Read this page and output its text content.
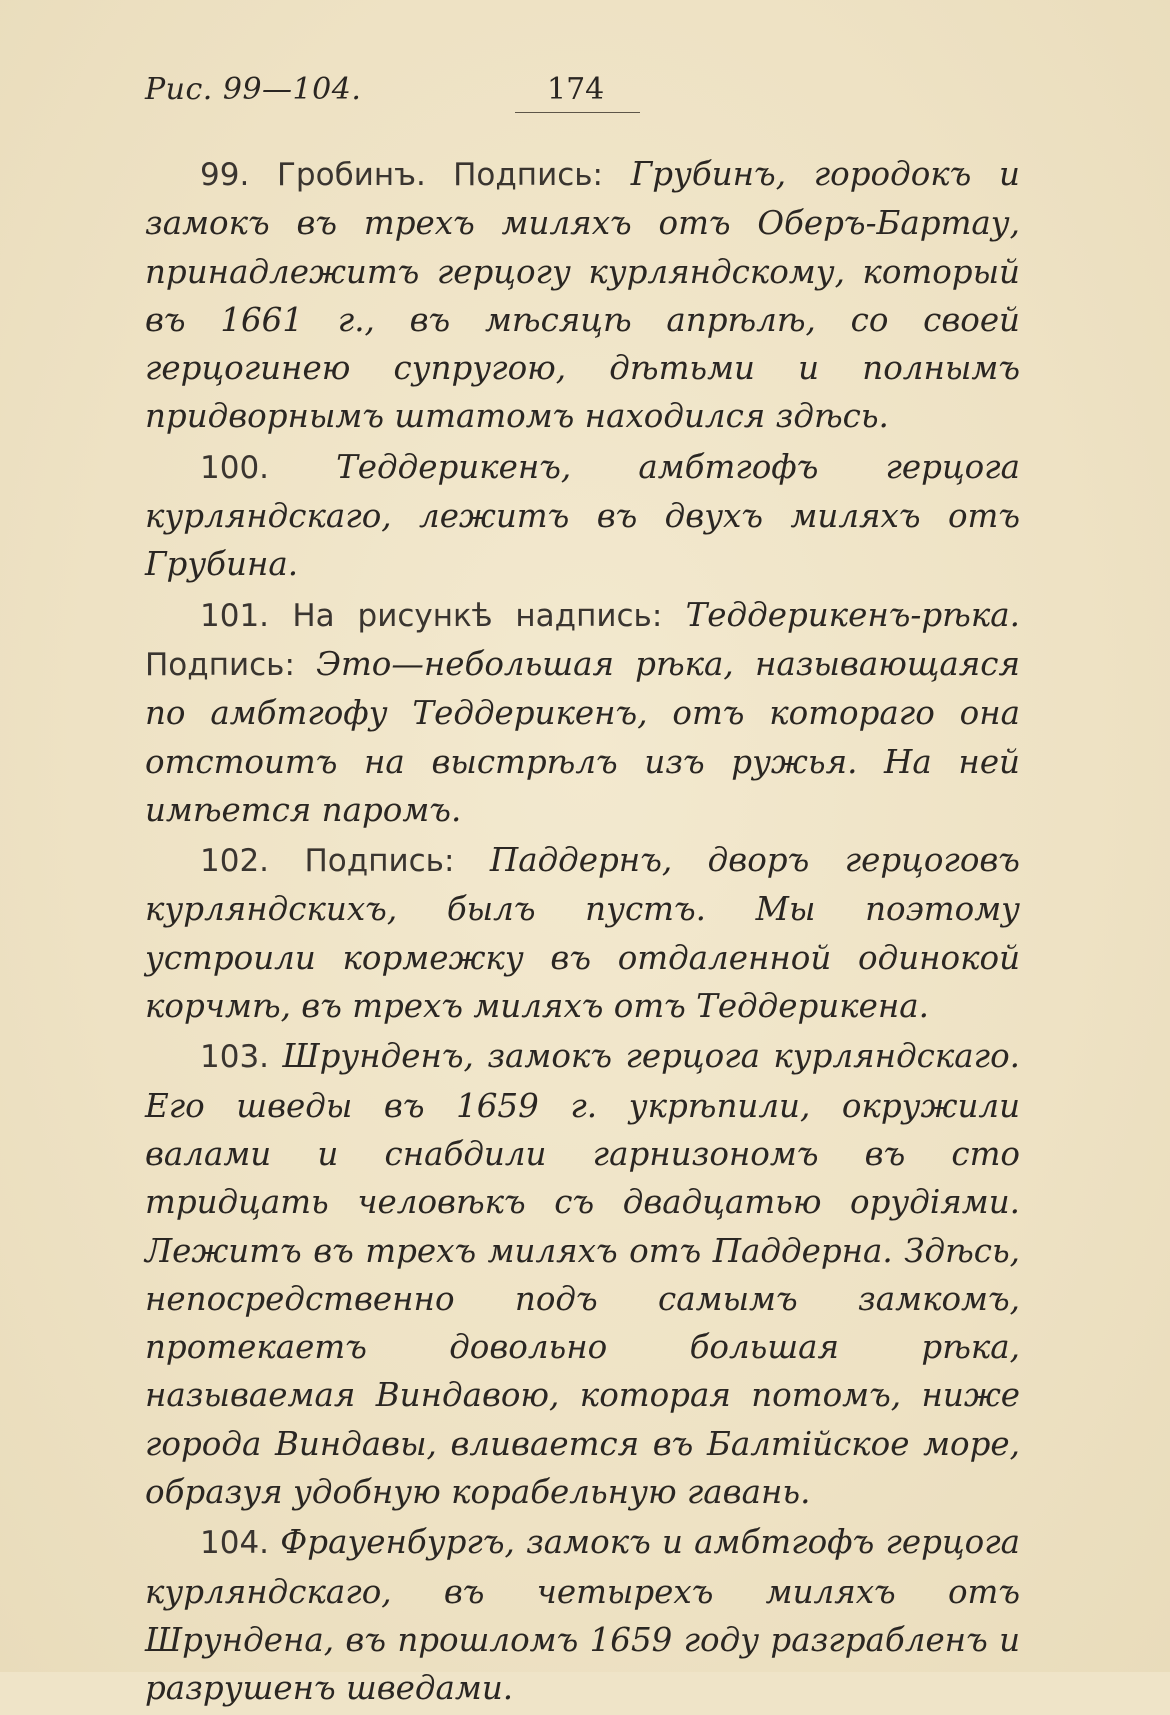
Рис. 99—104.	174

99. Гробинъ. Подпись: Грубинъ, городокъ и замокъ въ трехъ миляхъ отъ Оберъ-Бартау, принадлежитъ герцогу курляндскому, который въ 1661 г., въ мѣсяцѣ апрѣлѣ, со своей герцогинею супругою, дѣтьми и полнымъ придворнымъ штатомъ находился здѣсь.

100. Теддерикенъ, амбтгофъ герцога курляндскаго, лежитъ въ двухъ миляхъ отъ Грубина.

101. На рисункѣ надпись: Теддерикенъ-рѣка. Подпись: Это—небольшая рѣка, называющаяся по амбтгофу Теддерикенъ, отъ котораго она отстоитъ на выстрѣлъ изъ ружья. На ней имѣется паромъ.

102. Подпись: Паддернъ, дворъ герцоговъ курляндскихъ, былъ пустъ. Мы поэтому устроили кормежку въ отдаленной одинокой корчмѣ, въ трехъ миляхъ отъ Теддерикена.

103. Шрунденъ, замокъ герцога курляндскаго. Его шведы въ 1659 г. укрѣпили, окружили валами и снабдили гарнизономъ въ сто тридцать человѣкъ съ двадцатью орудіями. Лежитъ въ трехъ миляхъ отъ Паддерна. Здѣсь, непосредственно подъ самымъ замкомъ, протекаетъ довольно большая рѣка, называемая Виндавою, которая потомъ, ниже города Виндавы, вливается въ Балтійское море, образуя удобную корабельную гавань.

104. Фрауенбургъ, замокъ и амбтгофъ герцога курляндскаго, въ четырехъ миляхъ отъ Шрундена, въ прошломъ 1659 году разграбленъ и разрушенъ шведами.
